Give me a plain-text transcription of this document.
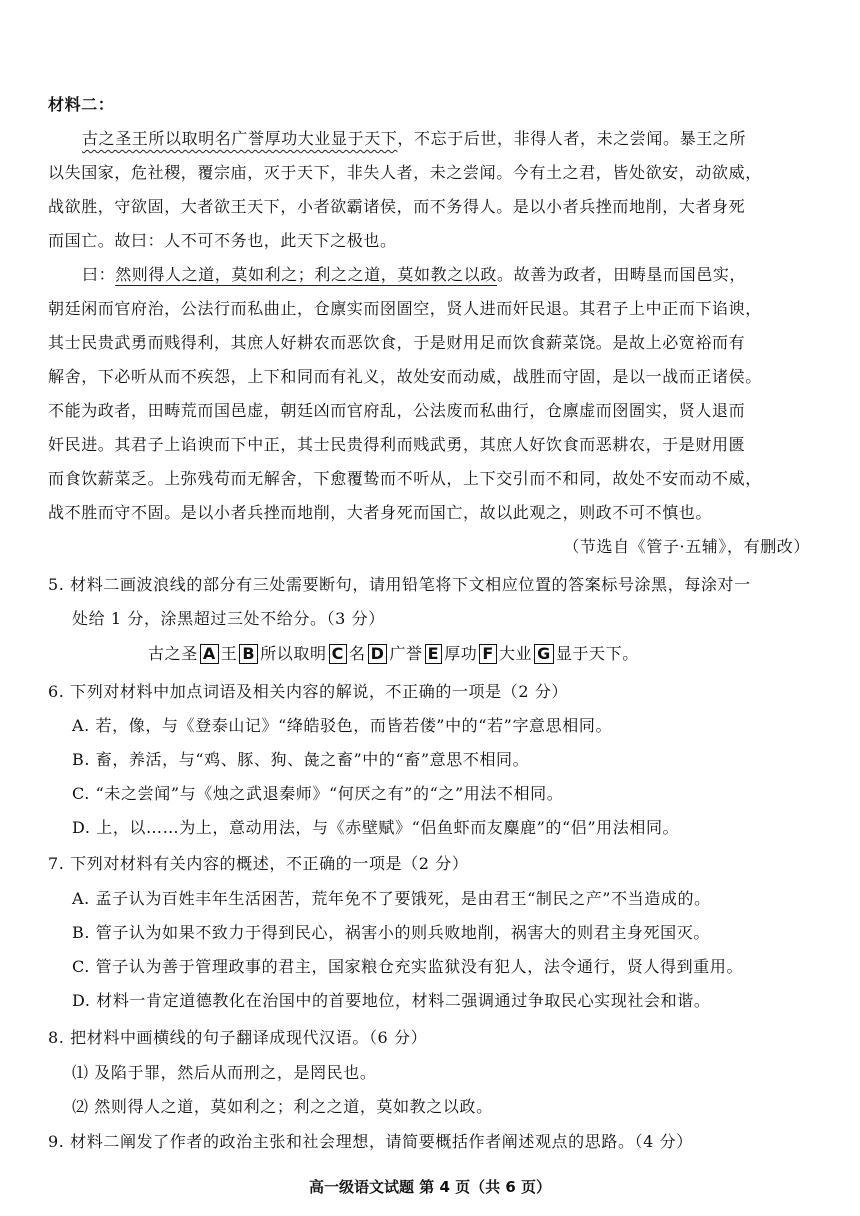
材料二：
古之圣王所以取明名广誉厚功大业显于天下，不忘于后世，非得人者，未之尝闻。暴王之所
以失国家，危社稷，覆宗庙，灭于天下，非失人者，未之尝闻。今有土之君，皆处欲安，动欲威，
战欲胜，守欲固，大者欲王天下，小者欲霸诸侯，而不务得人。是以小者兵挫而地削，大者身死
而国亡。故曰：人不可不务也，此天下之极也。
曰：然则得人之道，莫如利之；利之之道，莫如教之以政。故善为政者，田畴垦而国邑实，
朝廷闲而官府治，公法行而私曲止，仓廪实而囹圄空，贤人进而奸民退。其君子上中正而下谄谀，
其士民贵武勇而贱得利，其庶人好耕农而恶饮食，于是财用足而饮食薪菜饶。是故上必宽裕而有
解舍，下必听从而不疾怨，上下和同而有礼义，故处安而动威，战胜而守固，是以一战而正诸侯。
不能为政者，田畴荒而国邑虚，朝廷凶而官府乱，公法废而私曲行，仓廪虚而囹圄实，贤人退而
奸民进。其君子上谄谀而下中正，其士民贵得利而贱武勇，其庶人好饮食而恶耕农，于是财用匮
而食饮薪菜乏。上弥残苟而无解舍，下愈覆鸷而不听从，上下交引而不和同，故处不安而动不威，
战不胜而守不固。是以小者兵挫而地削，大者身死而国亡，故以此观之，则政不可不慎也。
（节选自《管子·五辅》，有删改）
5. 材料二画波浪线的部分有三处需要断句，请用铅笔将下文相应位置的答案标号涂黑，每涂对一
处给 1 分，涂黑超过三处不给分。（3 分）
古之圣 A 王 B 所以取明 C 名 D 广誉 E 厚功 F 大业 G 显于天下。
6. 下列对材料中加点词语及相关内容的解说，不正确的一项是（2 分）
A. 若，像，与《登泰山记》“绛皓驳色，而皆若偻”中的“若”字意思相同。
B. 畜，养活，与“鸡、豚、狗、彘之畜”中的“畜”意思不相同。
C. “未之尝闻”与《烛之武退秦师》“何厌之有”的“之”用法不相同。
D. 上，以……为上，意动用法，与《赤壁赋》“侣鱼虾而友麋鹿”的“侣”用法相同。
7. 下列对材料有关内容的概述，不正确的一项是（2 分）
A. 孟子认为百姓丰年生活困苦，荒年免不了要饿死，是由君王“制民之产”不当造成的。
B. 管子认为如果不致力于得到民心，祸害小的则兵败地削，祸害大的则君主身死国灭。
C. 管子认为善于管理政事的君主，国家粮仓充实监狱没有犯人，法令通行，贤人得到重用。
D. 材料一肯定道德教化在治国中的首要地位，材料二强调通过争取民心实现社会和谐。
8. 把材料中画横线的句子翻译成现代汉语。（6 分）
⑴ 及陷于罪，然后从而刑之，是罔民也。
⑵ 然则得人之道，莫如利之；利之之道，莫如教之以政。
9. 材料二阐发了作者的政治主张和社会理想，请简要概括作者阐述观点的思路。（4 分）
高一级语文试题 第 4 页（共 6 页）
